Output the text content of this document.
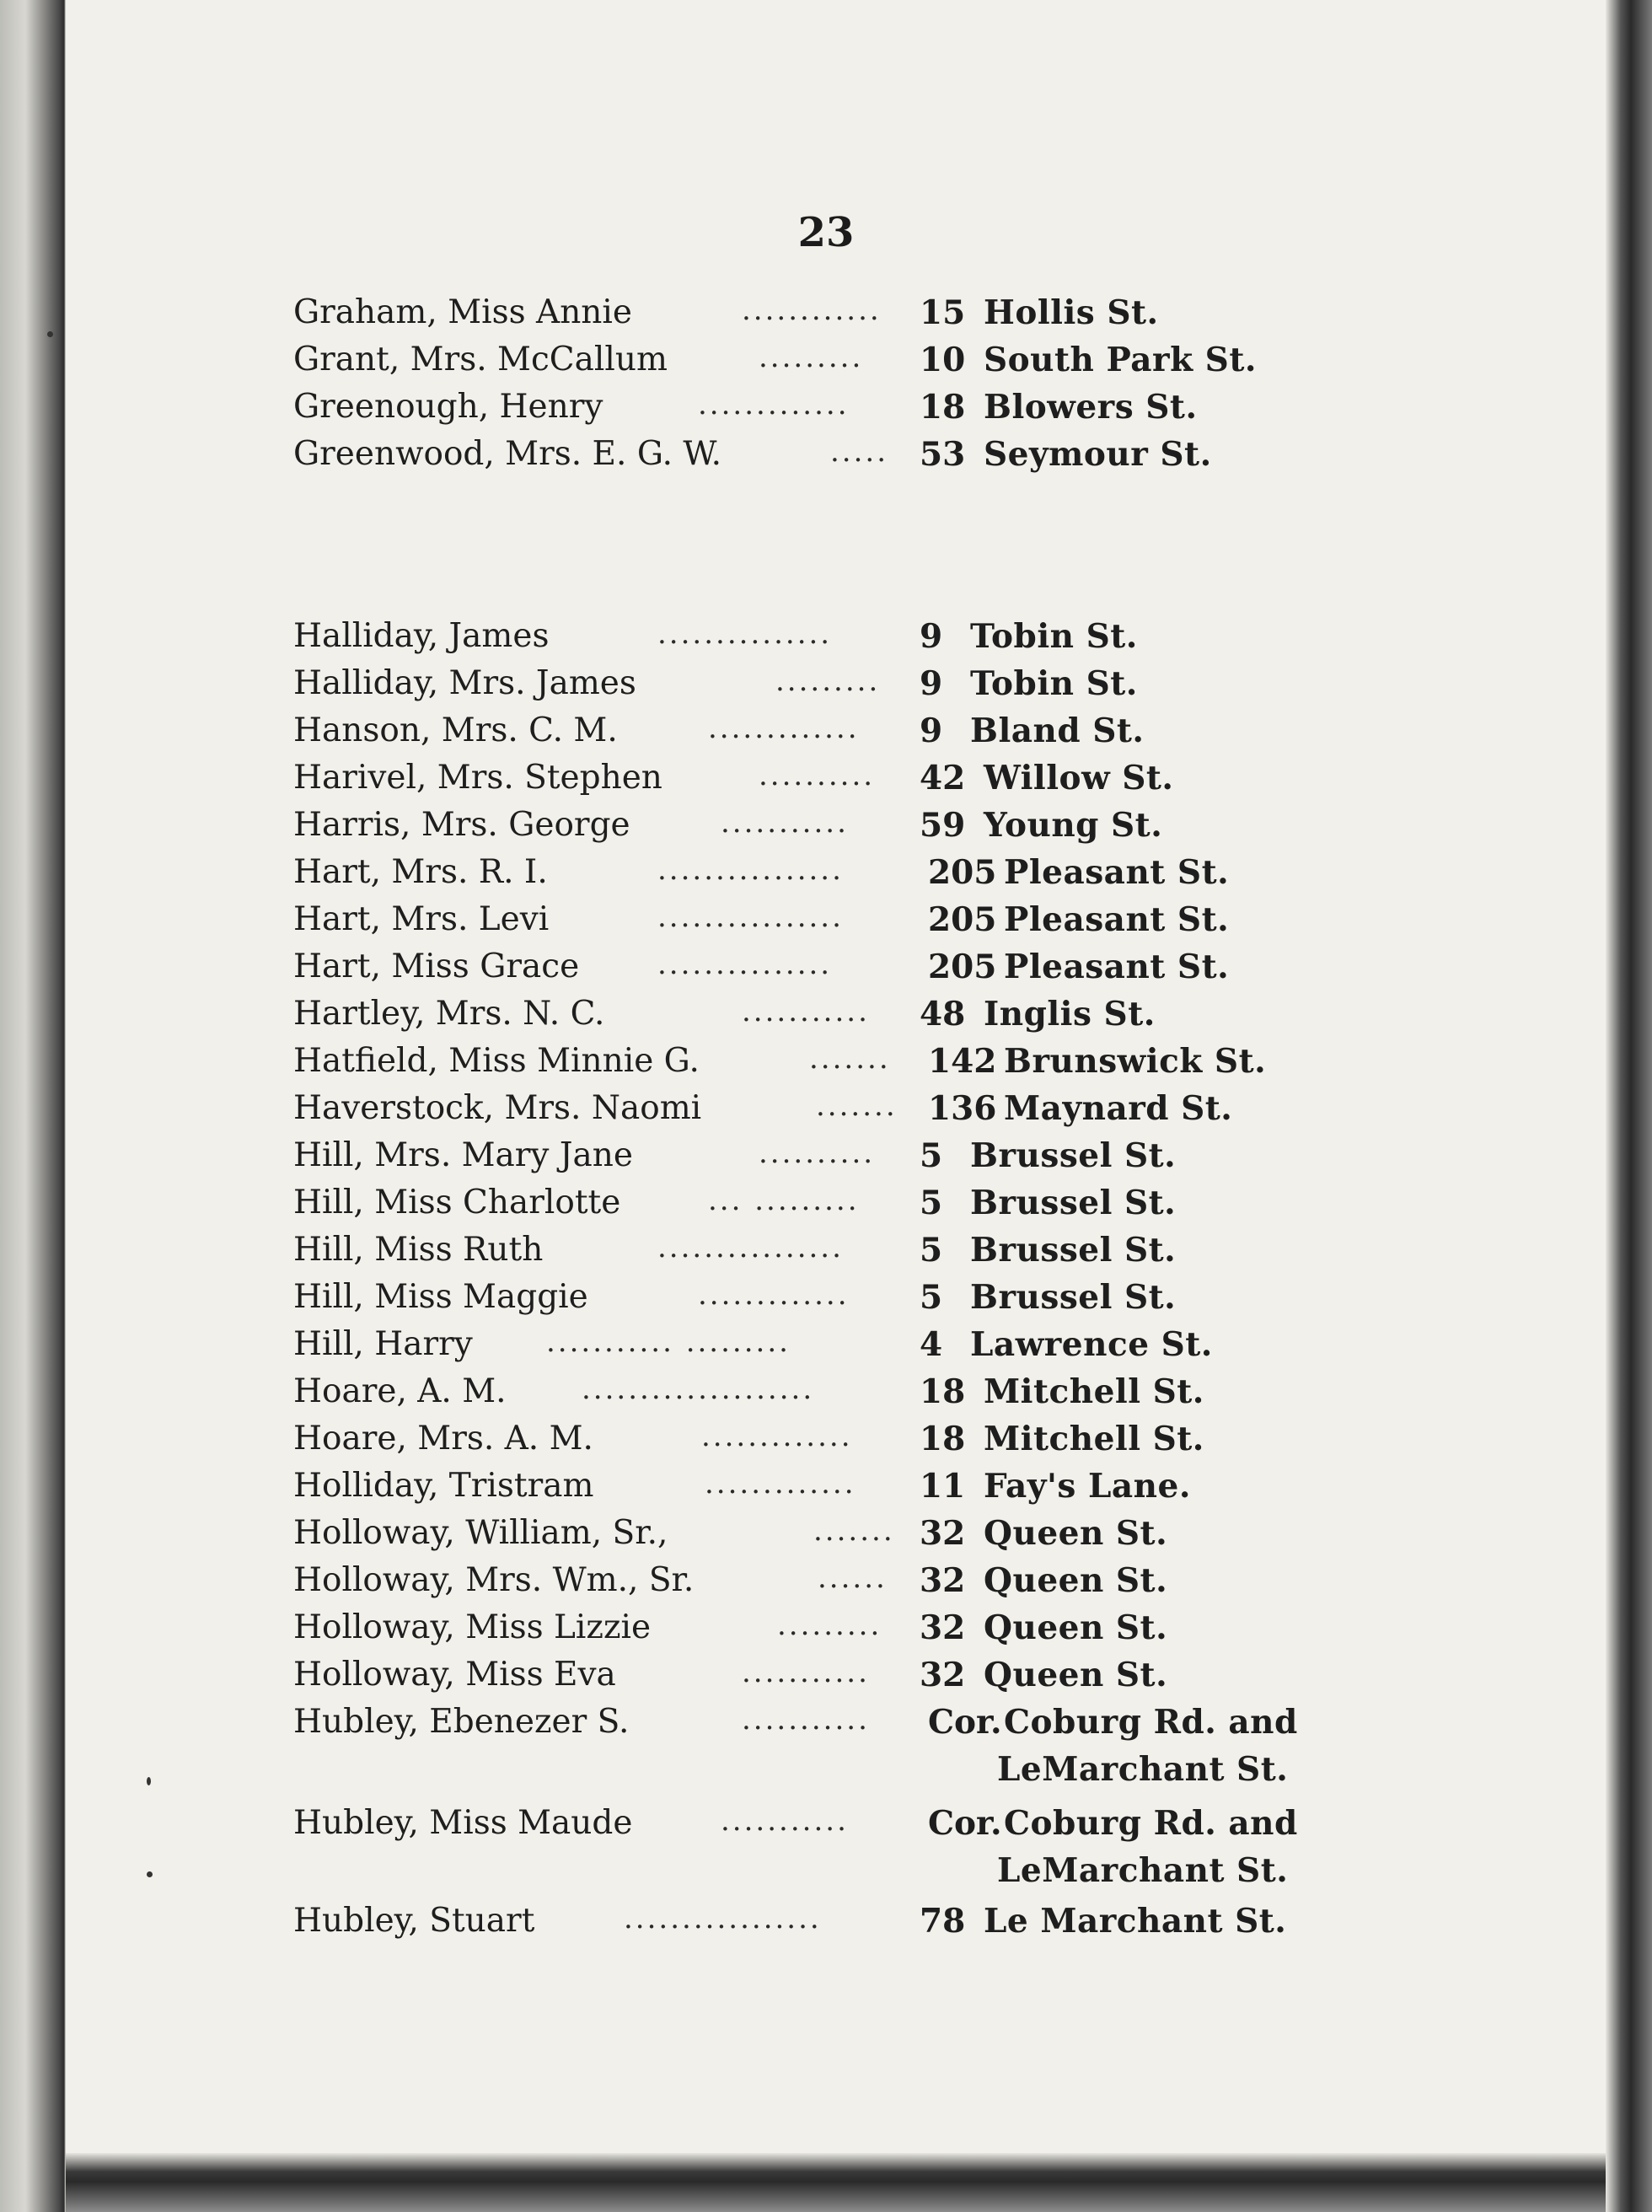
23
Graham, Miss Annie	............	15 Hollis St.
Grant, Mrs. McCallum	.........	10 South Park St.
Greenough, Henry	.............	18 Blowers St.
Greenwood, Mrs. E. G. W.	..... 53 Seymour St.
Halliday, James	...............	9 Tobin St.
Halliday, Mrs. James	.........	9 Tobin St.
Hanson, Mrs. C. M.	.............	9 Bland St.
Harivel, Mrs. Stephen	..........	42 Willow St.
Harris, Mrs. George	...........	59 Young St.
Hart, Mrs. R. I.	................	205 Pleasant St.
Hart, Mrs. Levi	................	205 Pleasant St.
Hart, Miss Grace	...............	205 Pleasant St.
Hartley, Mrs. N. C.	...........	48 Inglis St.
Hatfield, Miss Minnie G.	.......	142 Brunswick St.
Haverstock, Mrs. Naomi	....... 136 Maynard St.
Hill, Mrs. Mary Jane	..........	5 Brussel St.
Hill, Miss Charlotte	... .........	5 Brussel St.
Hill, Miss Ruth	................	5 Brussel St.
Hill, Miss Maggie	.............	5 Brussel St.
Hill, Harry	........... .........	4 Lawrence St.
Hoare, A. M.	....................	18 Mitchell St.
Hoare, Mrs. A. M.	.............	18 Mitchell St.
Holliday, Tristram	.............	11 Fay's Lane.
Holloway, William, Sr.,	....... 32 Queen St.
Holloway, Mrs. Wm., Sr.	...... 32 Queen St.
Holloway, Miss Lizzie	.........	32 Queen St.
Holloway, Miss Eva	...........	32 Queen St.
Hubley, Ebenezer S.	...........	Cor. Coburg Rd. and
LeMarchant St.
Hubley, Miss Maude	...........	Cor. Coburg Rd. and
LeMarchant St.
Hubley, Stuart	.................	78 Le Marchant St.
